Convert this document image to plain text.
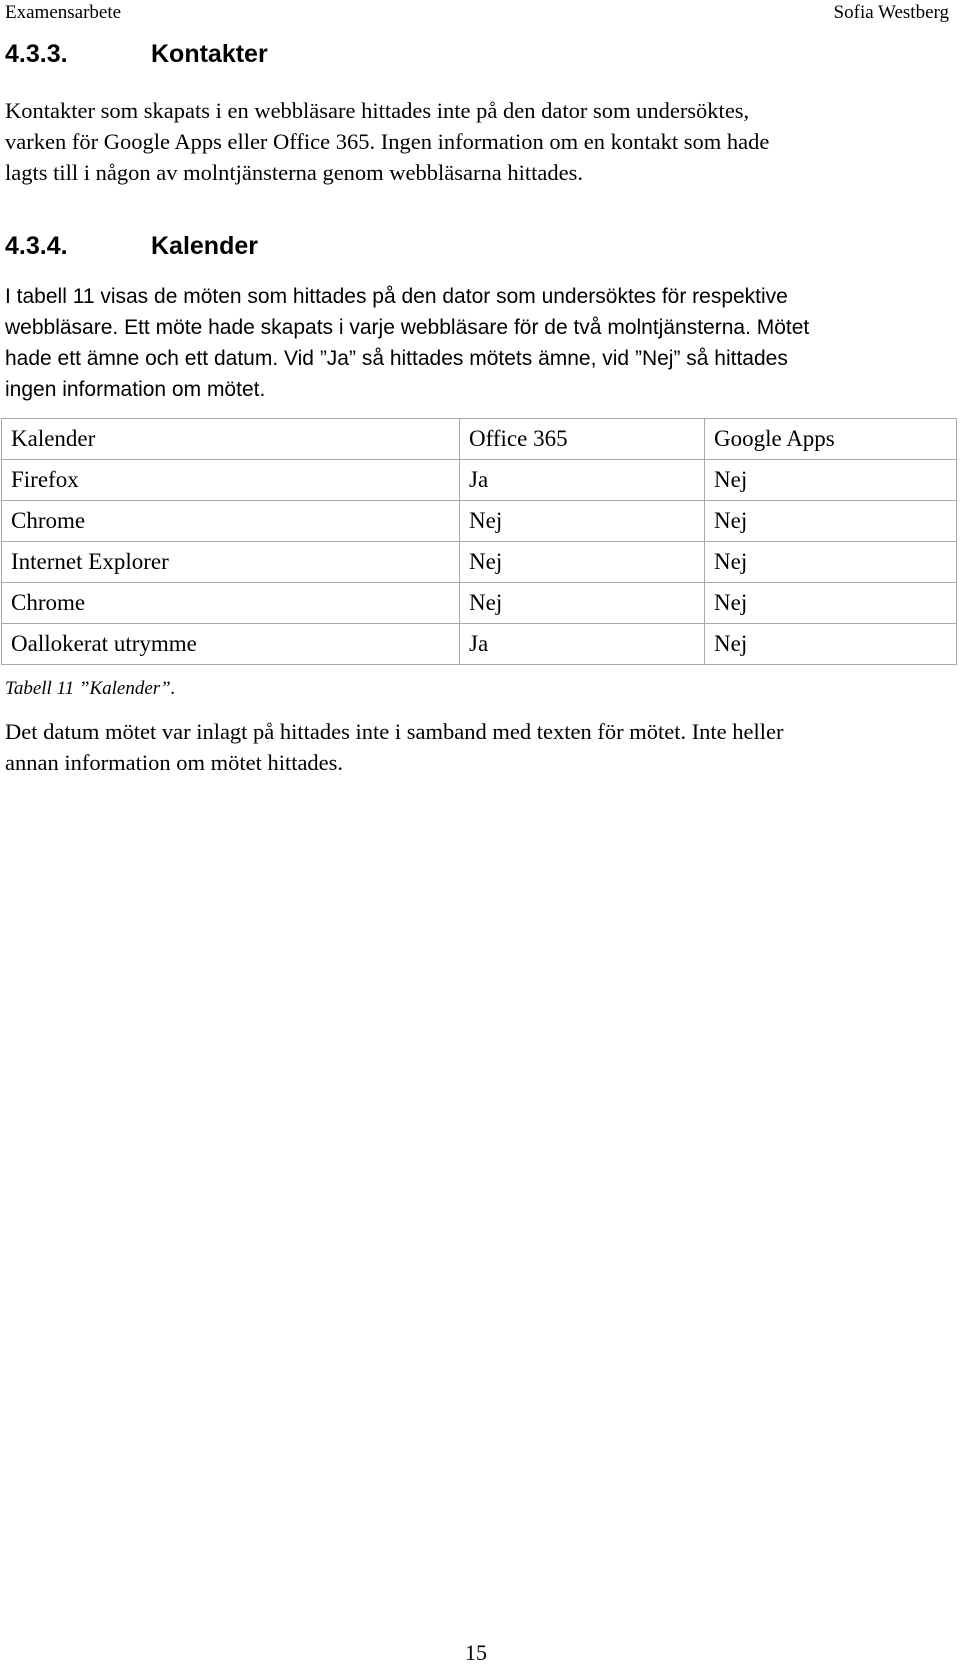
Examensarbete	Sofia Westberg
4.3.3.	Kontakter
Kontakter som skapats i en webbläsare hittades inte på den dator som undersöktes,
varken för Google Apps eller Office 365. Ingen information om en kontakt som hade
lagts till i någon av molntjänsterna genom webbläsarna hittades.
4.3.4.	Kalender
I tabell 11 visas de möten som hittades på den dator som undersöktes för respektive
webbläsare. Ett möte hade skapats i varje webbläsare för de två molntjänsterna. Mötet
hade ett ämne och ett datum. Vid ”Ja” så hittades mötets ämne, vid ”Nej” så hittades
ingen information om mötet.
Kalender	Office 365	Google Apps
Firefox	Ja	Nej
Chrome	Nej	Nej
Internet Explorer	Nej	Nej
Chrome	Nej	Nej
Oallokerat utrymme	Ja	Nej
Tabell 11 ”Kalender”.
Det datum mötet var inlagt på hittades inte i samband med texten för mötet. Inte heller
annan information om mötet hittades.
15
